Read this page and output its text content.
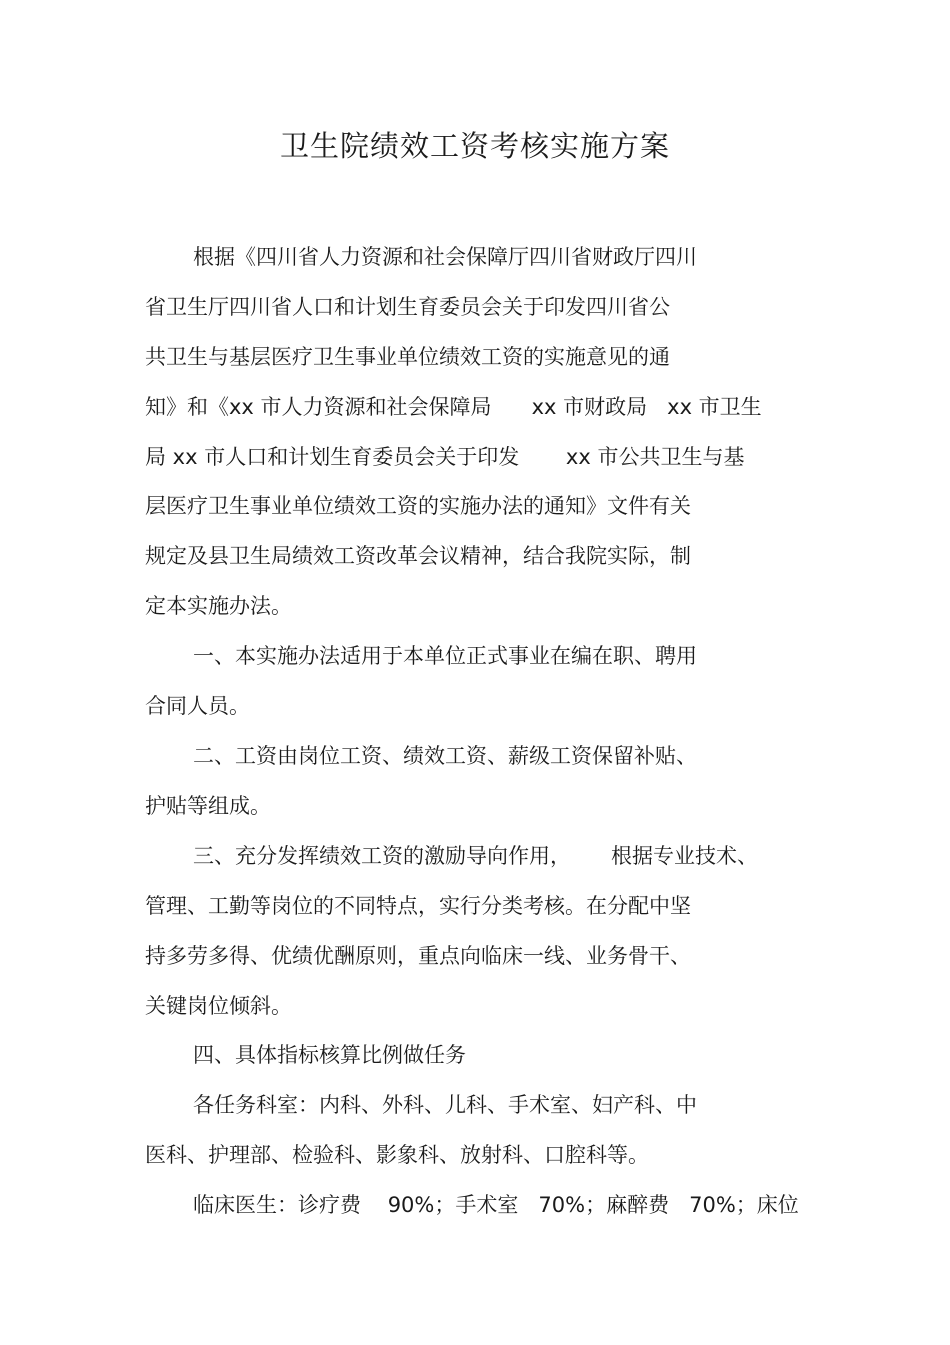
卫生院绩效工资考核实施方案

根据《四川省人力资源和社会保障厅四川省财政厅四川

省卫生厅四川省人口和计划生育委员会关于印发四川省公

共卫生与基层医疗卫生事业单位绩效工资的实施意见的通

知》和《xx 市人力资源和社会保障局      xx 市财政局   xx 市卫生

局 xx 市人口和计划生育委员会关于印发       xx 市公共卫生与基

层医疗卫生事业单位绩效工资的实施办法的通知》文件有关

规定及县卫生局绩效工资改革会议精神，结合我院实际，制

定本实施办法。

一、本实施办法适用于本单位正式事业在编在职、聘用

合同人员。

二、工资由岗位工资、绩效工资、薪级工资保留补贴、

护贴等组成。

三、充分发挥绩效工资的激励导向作用，      根据专业技术、

管理、工勤等岗位的不同特点，实行分类考核。在分配中坚

持多劳多得、优绩优酬原则，重点向临床一线、业务骨干、

关键岗位倾斜。

四、具体指标核算比例做任务

各任务科室：内科、外科、儿科、手术室、妇产科、中

医科、护理部、检验科、影象科、放射科、口腔科等。

临床医生：诊疗费    90%；手术室   70%；麻醉费   70%；床位
